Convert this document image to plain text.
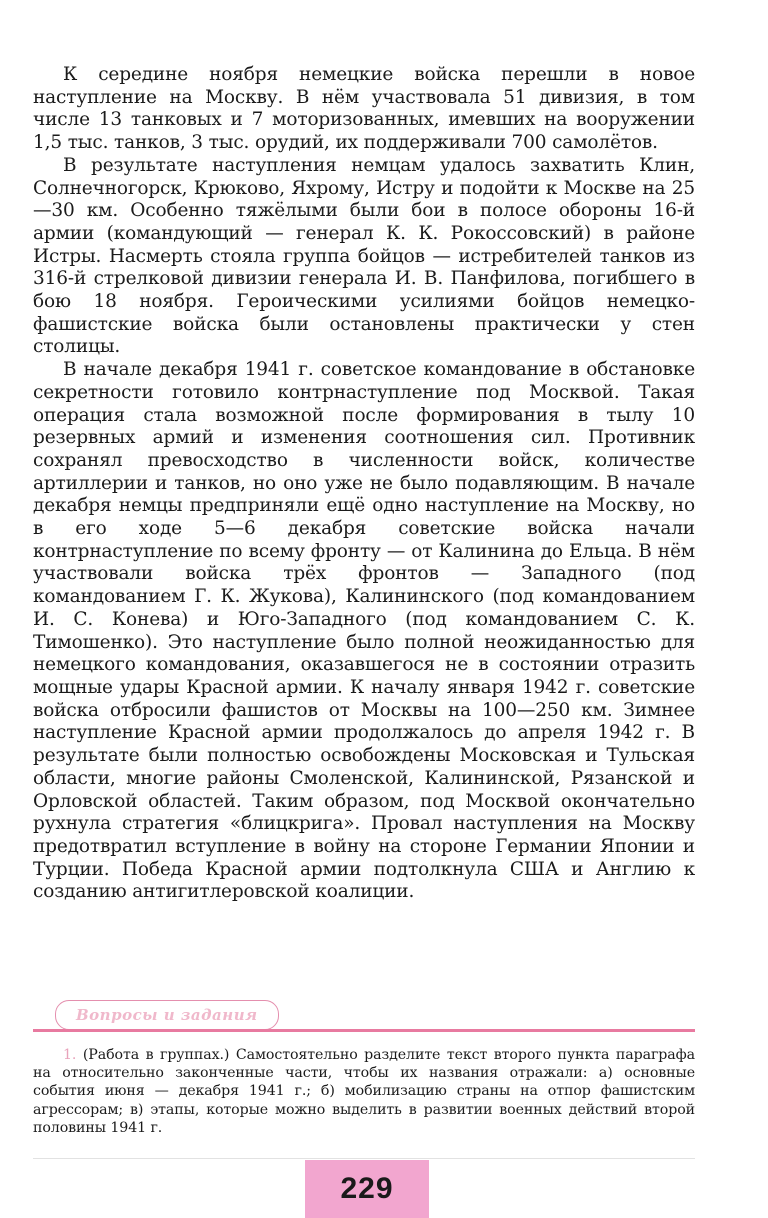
К середине ноября немецкие войска перешли в новое наступление на Москву. В нём участвовала 51 дивизия, в том числе 13 танковых и 7 моторизованных, имевших на вооружении 1,5 тыс. танков, 3 тыс. орудий, их поддерживали 700 самолётов.

В результате наступления немцам удалось захватить Клин, Солнечногорск, Крюково, Яхрому, Истру и подойти к Москве на 25—30 км. Особенно тяжёлыми были бои в полосе обороны 16-й армии (командующий — генерал К. К. Рокоссовский) в районе Истры. Насмерть стояла группа бойцов — истребителей танков из 316-й стрелковой дивизии генерала И. В. Панфилова, погибшего в бою 18 ноября. Героическими усилиями бойцов немецко-фашистские войска были остановлены практически у стен столицы.

В начале декабря 1941 г. советское командование в обстановке секретности готовило контрнаступление под Москвой. Такая операция стала возможной после формирования в тылу 10 резервных армий и изменения соотношения сил. Противник сохранял превосходство в численности войск, количестве артиллерии и танков, но оно уже не было подавляющим. В начале декабря немцы предприняли ещё одно наступление на Москву, но в его ходе 5—6 декабря советские войска начали контрнаступление по всему фронту — от Калинина до Ельца. В нём участвовали войска трёх фронтов — Западного (под командованием Г. К. Жукова), Калининского (под командованием И. С. Конева) и Юго-Западного (под командованием С. К. Тимошенко). Это наступление было полной неожиданностью для немецкого командования, оказавшегося не в состоянии отразить мощные удары Красной армии. К началу января 1942 г. советские войска отбросили фашистов от Москвы на 100—250 км. Зимнее наступление Красной армии продолжалось до апреля 1942 г. В результате были полностью освобождены Московская и Тульская области, многие районы Смоленской, Калининской, Рязанской и Орловской областей. Таким образом, под Москвой окончательно рухнула стратегия «блицкрига». Провал наступления на Москву предотвратил вступление в войну на стороне Германии Японии и Турции. Победа Красной армии подтолкнула США и Англию к созданию антигитлеровской коалиции.

Вопросы и задания

1. (Работа в группах.) Самостоятельно разделите текст второго пункта параграфа на относительно законченные части, чтобы их названия отражали: а) основные события июня — декабря 1941 г.; б) мобилизацию страны на отпор фашистским агрессорам; в) этапы, которые можно выделить в развитии военных действий второй половины 1941 г.

229
